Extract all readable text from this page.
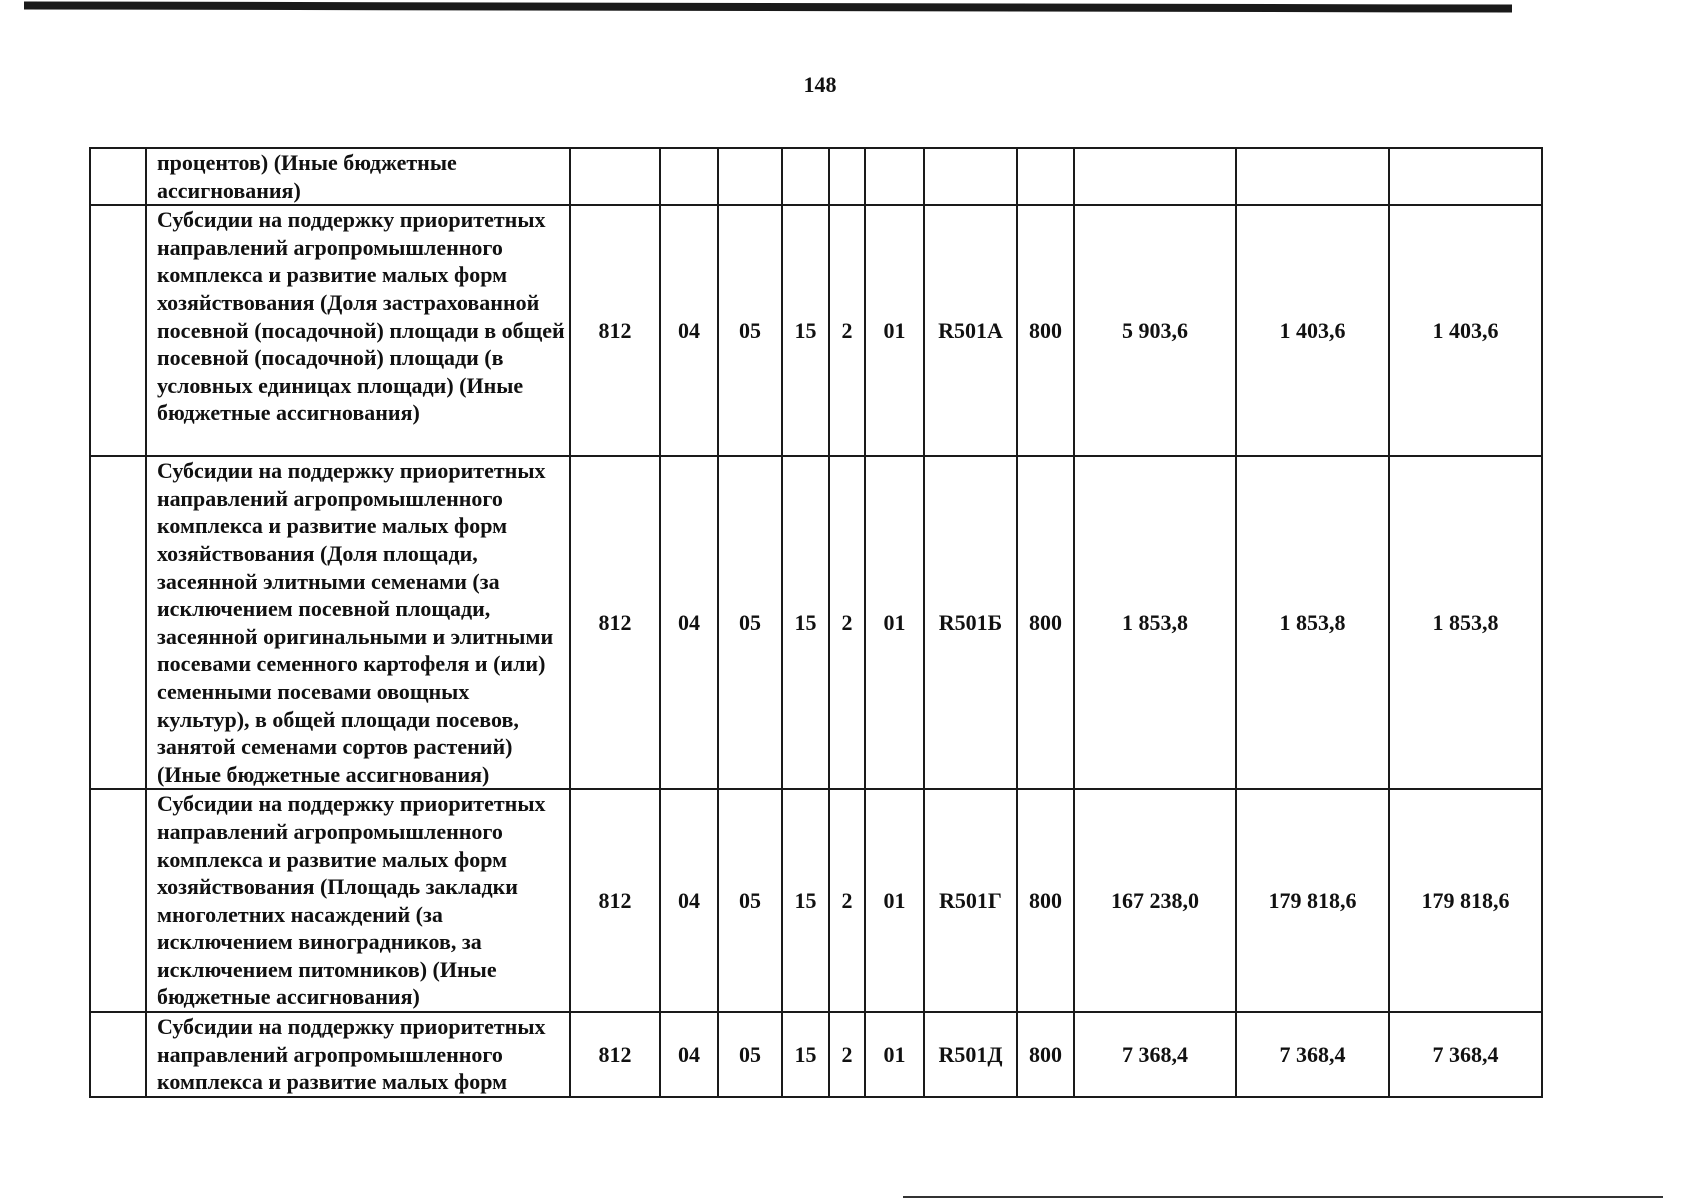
148
	процентов) (Иные бюджетные ассигнования)											
	Субсидии на поддержку приоритетных направлений агропромышленного комплекса и развитие малых форм хозяйствования (Доля застрахованной посевной (посадочной) площади в общей посевной (посадочной) площади (в условных единицах площади) (Иные бюджетные ассигнования)	812	04	05	15	2	01	R501А	800	5 903,6	1 403,6	1 403,6
	Субсидии на поддержку приоритетных направлений агропромышленного комплекса и развитие малых форм хозяйствования (Доля площади, засеянной элитными семенами (за исключением посевной площади, засеянной оригинальными и элитными посевами семенного картофеля и (или) семенными посевами овощных культур), в общей площади посевов, занятой семенами сортов растений) (Иные бюджетные ассигнования)	812	04	05	15	2	01	R501Б	800	1 853,8	1 853,8	1 853,8
	Субсидии на поддержку приоритетных направлений агропромышленного комплекса и развитие малых форм хозяйствования (Площадь закладки многолетних насаждений (за исключением виноградников, за исключением питомников) (Иные бюджетные ассигнования)	812	04	05	15	2	01	R501Г	800	167 238,0	179 818,6	179 818,6
	Субсидии на поддержку приоритетных направлений агропромышленного комплекса и развитие малых форм	812	04	05	15	2	01	R501Д	800	7 368,4	7 368,4	7 368,4
